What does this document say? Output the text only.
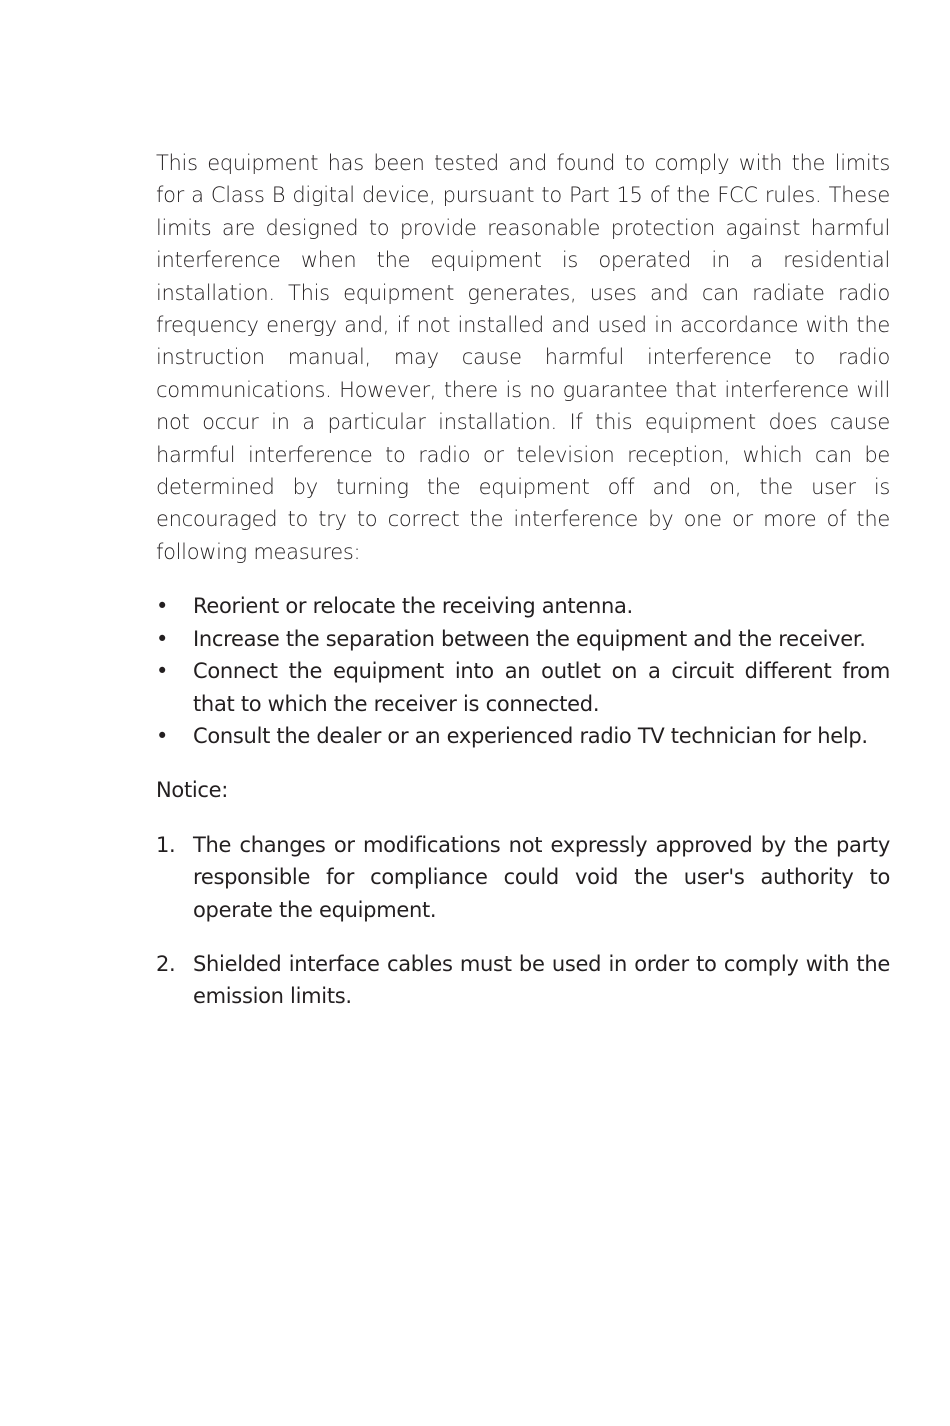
This equipment has been tested and found to comply with the limits for a Class B digital device, pursuant to Part 15 of the FCC rules. These limits are designed to provide reasonable protection against harmful interference when the equipment is operated in a residential installation. This equipment generates, uses and can radiate radio frequency energy and, if not installed and used in accordance with the instruction manual, may cause harmful interference to radio communications. However, there is no guarantee that interference will not occur in a particular installation. If this equipment does cause harmful interference to radio or television reception, which can be determined by turning the equipment off and on, the user is encouraged to try to correct the interference by one or more of the following measures:

•	Reorient or relocate the receiving antenna.
•	Increase the separation between the equipment and the receiver.
•	Connect the equipment into an outlet on a circuit different from that to which the receiver is connected.
•	Consult the dealer or an experienced radio TV technician for help.

Notice:

1. The changes or modifications not expressly approved by the party responsible for compliance could void the user's authority to operate the equipment.
2. Shielded interface cables must be used in order to comply with the emission limits.
